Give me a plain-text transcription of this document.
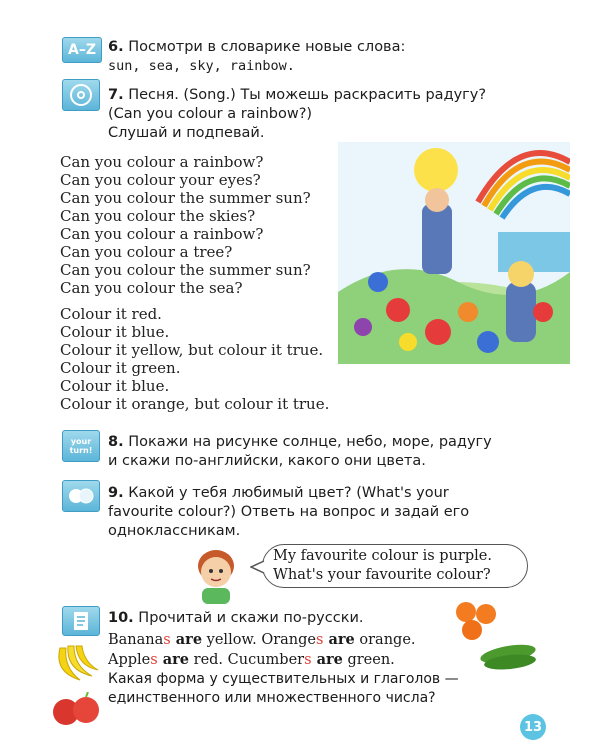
A–Z 6. Посмотри в словарике новые слова:
sun, sea, sky, rainbow.
7. Песня. (Song.) Ты можешь раскрасить радугу?
(Can you colour a rainbow?)
Слушай и подпевай.
Can you colour a rainbow?
Can you colour your eyes?
Can you colour the summer sun?
Can you colour the skies?
Can you colour a rainbow?
Can you colour a tree?
Can you colour the summer sun?
Can you colour the sea?
Colour it red.
Colour it blue.
Colour it yellow, but colour it true.
Colour it green.
Colour it blue.
Colour it orange, but colour it true.
your turn!
8. Покажи на рисунке солнце, небо, море, радугу
и скажи по-английски, какого они цвета.
9. Какой у тебя любимый цвет? (What's your
favourite colour?) Ответь на вопрос и задай его
одноклассникам.
My favourite colour is purple.
What's your favourite colour?
10. Прочитай и скажи по-русски.
Bananas are yellow. Oranges are orange.
Apples are red. Cucumbers are green.
Какая форма у существительных и глаголов —
единственного или множественного числа?
13
